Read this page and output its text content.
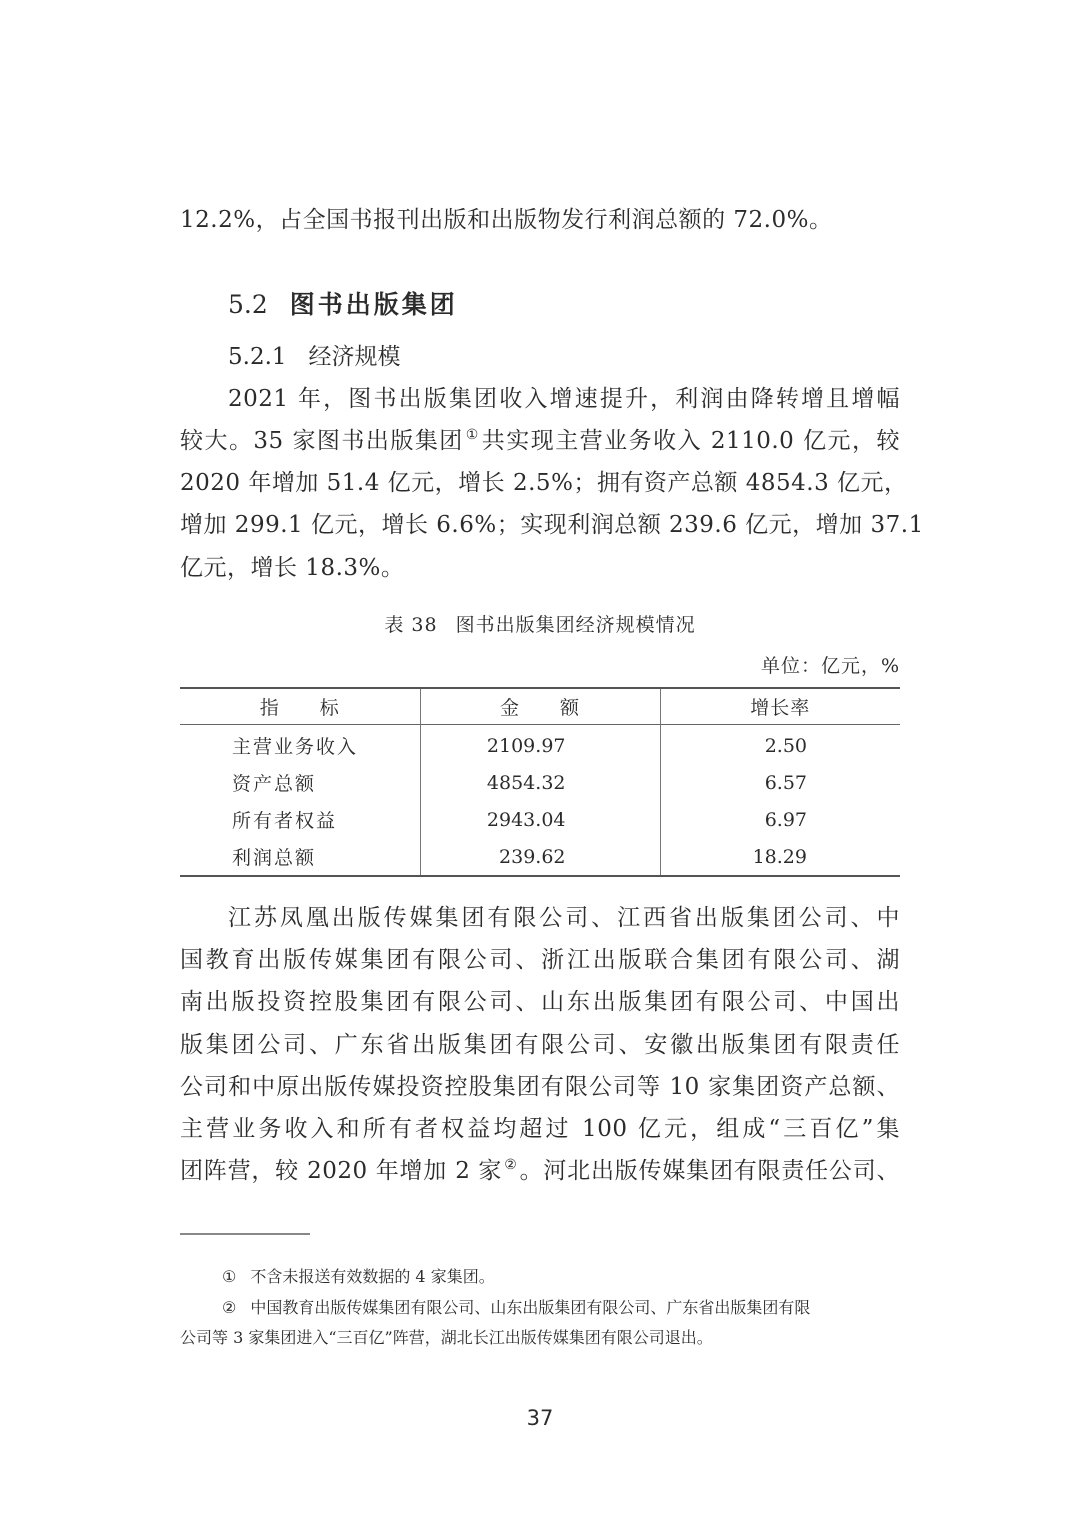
12.2%，占全国书报刊出版和出版物发行利润总额的 72.0%。
5.2 图书出版集团
5.2.1 经济规模
2021 年，图书出版集团收入增速提升，利润由降转增且增幅
较大。35 家图书出版集团 ①共实现主营业务收入 2110.0 亿元，较
2020 年增加 51.4 亿元，增长 2.5%；拥有资产总额 4854.3 亿元，
增加 299.1 亿元，增长 6.6%；实现利润总额 239.6 亿元，增加 37.1
亿元，增长 18.3%。
表 38 图书出版集团经济规模情况
单位：亿元，%
指　　标	金　　额	增长率
主营业务收入	2109.97	2.50
资产总额	4854.32	6.57
所有者权益	2943.04	6.97
利润总额	239.62	18.29
江苏凤凰出版传媒集团有限公司、江西省出版集团公司、中
国教育出版传媒集团有限公司、浙江出版联合集团有限公司、湖
南出版投资控股集团有限公司、山东出版集团有限公司、中国出
版集团公司、广东省出版集团有限公司、安徽出版集团有限责任
公司和中原出版传媒投资控股集团有限公司等 10 家集团资产总额、
主营业务收入和所有者权益均超过 100 亿元，组成“三百亿”集
团阵营，较 2020 年增加 2 家 ②。河北出版传媒集团有限责任公司、
① 不含未报送有效数据的 4 家集团。
② 中国教育出版传媒集团有限公司、山东出版集团有限公司、广东省出版集团有限
公司等 3 家集团进入“三百亿”阵营，湖北长江出版传媒集团有限公司退出。
37
